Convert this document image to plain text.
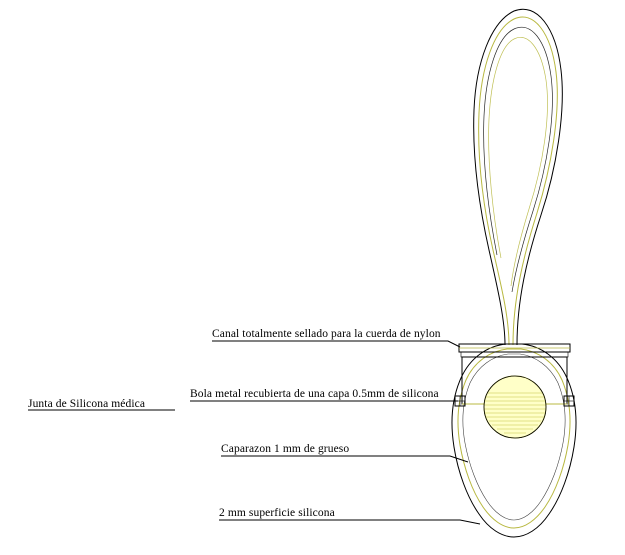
Canal totalmente sellado para la cuerda de nylon
Bola metal recubierta de una capa 0.5mm de silicona
Junta de Silicona médica
Caparazon 1 mm de grueso
2 mm superficie silicona
